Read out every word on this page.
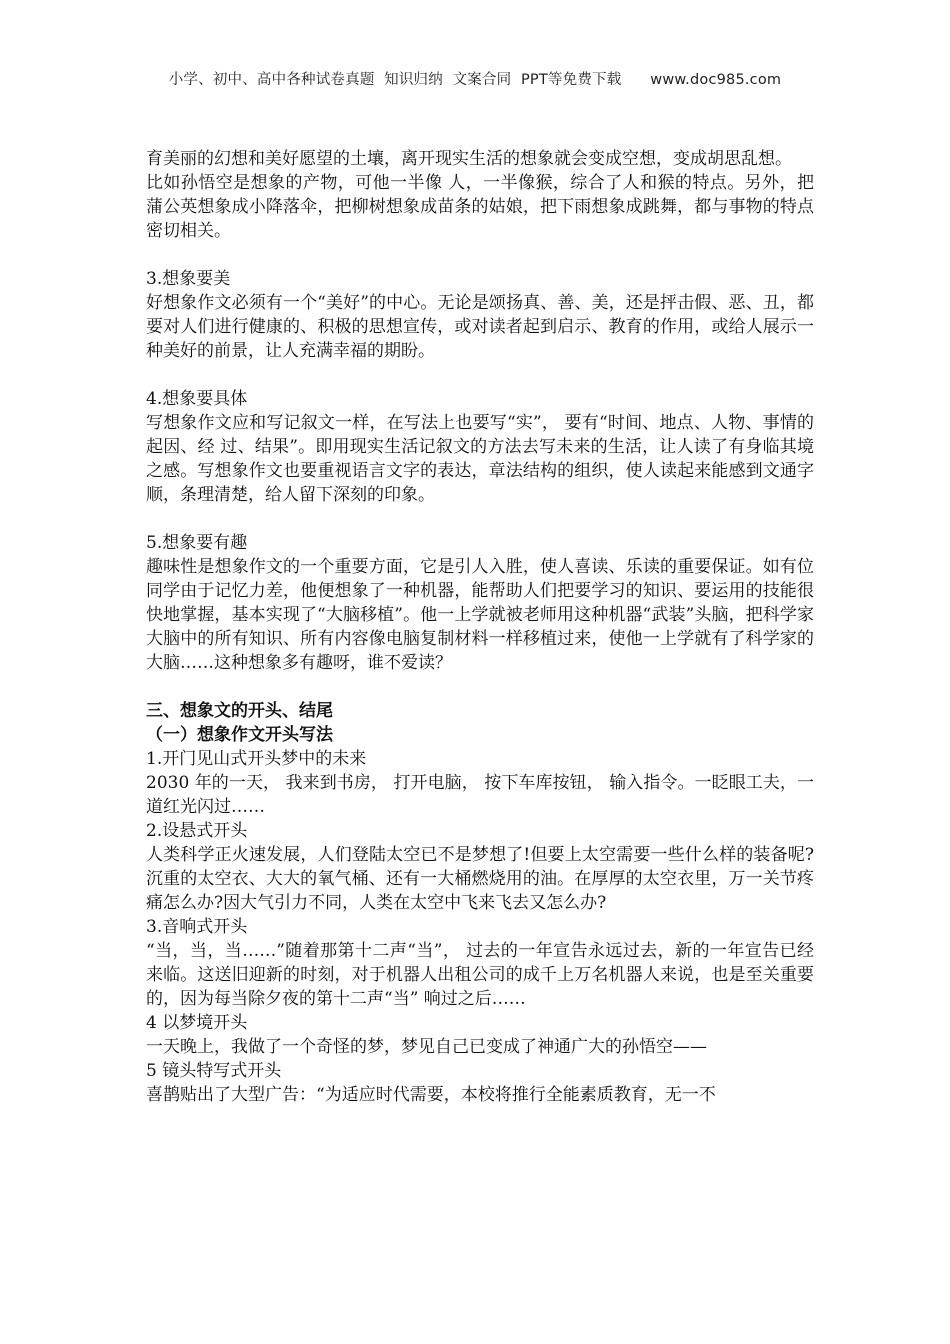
小学、初中、高中各种试卷真题  知识归纳  文案合同  PPT等免费下载      www.doc985.com

育美丽的幻想和美好愿望的土壤，离开现实生活的想象就会变成空想，变成胡思乱想。

比如孙悟空是想象的产物，可他一半像 人，一半像猴，综合了人和猴的特点。另外，把蒲公英想象成小降落伞，把柳树想象成苗条的姑娘，把下雨想象成跳舞，都与事物的特点密切相关。

3.想象要美

好想象作文必须有一个“美好”的中心。无论是颂扬真、善、美，还是抨击假、恶、丑，都要对人们进行健康的、积极的思想宣传，或对读者起到启示、教育的作用，或给人展示一种美好的前景，让人充满幸福的期盼。

4.想象要具体

写想象作文应和写记叙文一样，在写法上也要写“实”， 要有“时间、地点、人物、事情的起因、经 过、结果”。即用现实生活记叙文的方法去写未来的生活，让人读了有身临其境之感。写想象作文也要重视语言文字的表达，章法结构的组织，使人读起来能感到文通字顺，条理清楚，给人留下深刻的印象。

5.想象要有趣

趣味性是想象作文的一个重要方面，它是引人入胜，使人喜读、乐读的重要保证。如有位同学由于记忆力差，他便想象了一种机器，能帮助人们把要学习的知识、要运用的技能很快地掌握，基本实现了“大脑移植”。他一上学就被老师用这种机器“武装”头脑，把科学家大脑中的所有知识、所有内容像电脑复制材料一样移植过来，使他一上学就有了科学家的大脑……这种想象多有趣呀，谁不爱读？

三、想象文的开头、结尾

（一）想象作文开头写法

1.开门见山式开头梦中的未来

2030 年的一天， 我来到书房， 打开电脑， 按下车库按钮， 输入指令。一眨眼工夫，一道红光闪过……

2.设悬式开头

人类科学正火速发展，人们登陆太空已不是梦想了!但要上太空需要一些什么样的装备呢?沉重的太空衣、大大的氧气桶、还有一大桶燃烧用的油。在厚厚的太空衣里，万一关节疼痛怎么办?因大气引力不同，人类在太空中飞来飞去又怎么办?

3.音响式开头

“当，当，当……”随着那第十二声“当”， 过去的一年宣告永远过去，新的一年宣告已经来临。这送旧迎新的时刻，对于机器人出租公司的成千上万名机器人来说，也是至关重要的，因为每当除夕夜的第十二声“当” 响过之后……

4 以梦境开头

一天晚上，我做了一个奇怪的梦，梦见自己已变成了神通广大的孙悟空——

5 镜头特写式开头

喜鹊贴出了大型广告：“为适应时代需要，本校将推行全能素质教育，无一不
